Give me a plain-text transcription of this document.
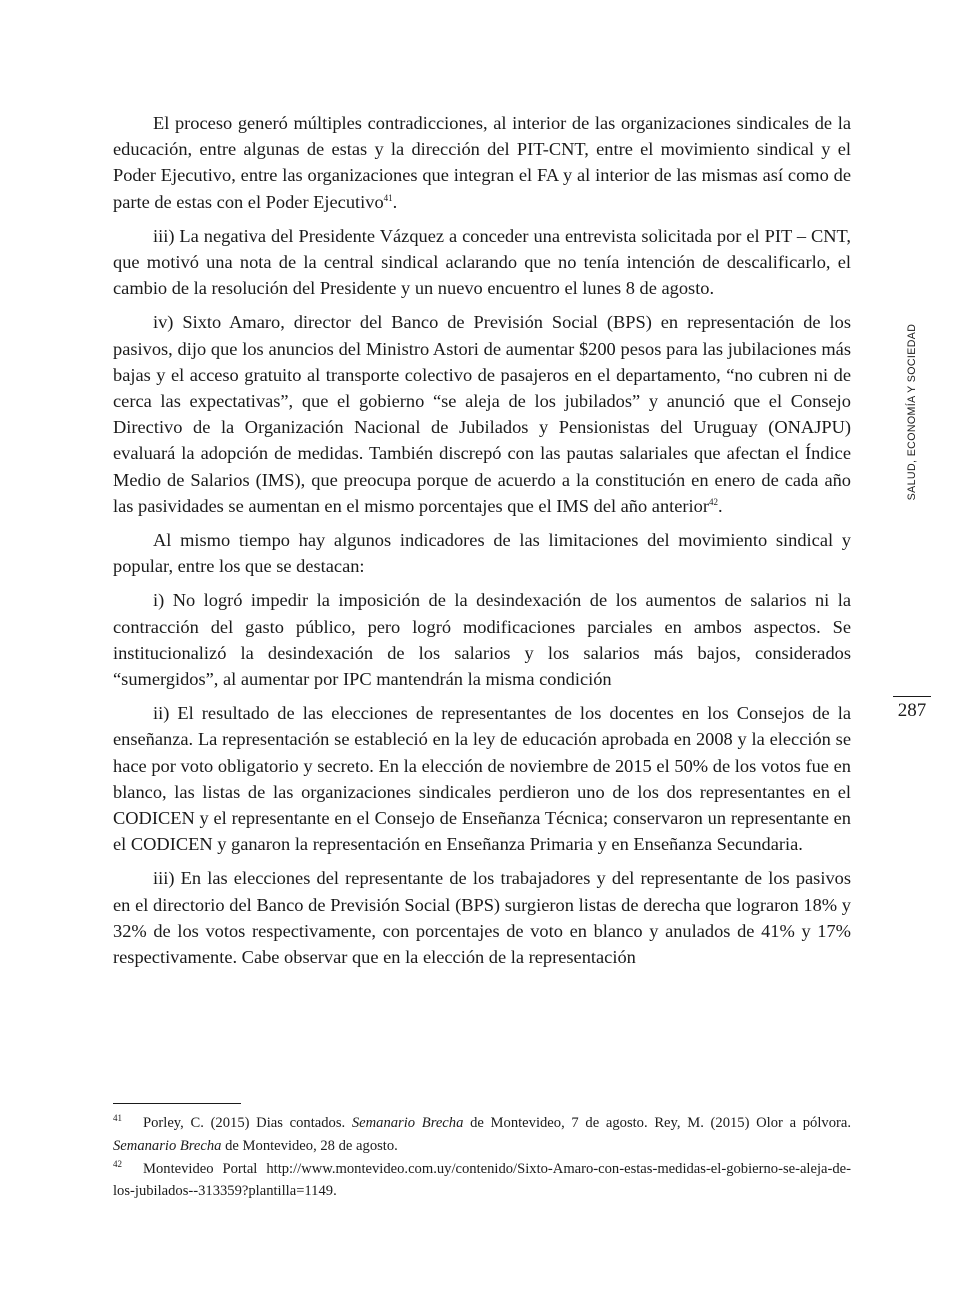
El proceso generó múltiples contradicciones, al interior de las organizaciones sindicales de la educación, entre algunas de estas y la dirección del PIT-CNT, entre el movimiento sindical y el Poder Ejecutivo, entre las organizaciones que integran el FA y al interior de las mismas así como de parte de estas con el Poder Ejecutivo$^{41}$.

iii) La negativa del Presidente Vázquez a conceder una entrevista solicitada por el PIT – CNT, que motivó una nota de la central sindical aclarando que no tenía intención de descalificarlo, el cambio de la resolución del Presidente y un nuevo encuentro el lunes 8 de agosto.

iv) Sixto Amaro, director del Banco de Previsión Social (BPS) en representación de los pasivos, dijo que los anuncios del Ministro Astori de aumentar $200 pesos para las jubilaciones más bajas y el acceso gratuito al transporte colectivo de pasajeros en el departamento, “no cubren ni de cerca las expectativas”, que el gobierno “se aleja de los jubilados” y anunció que el Consejo Directivo de la Organización Nacional de Jubilados y Pensionistas del Uruguay (ONAJPU) evaluará la adopción de medidas. También discrepó con las pautas salariales que afectan el Índice Medio de Salarios (IMS), que preocupa porque de acuerdo a la constitución en enero de cada año las pasividades se aumentan en el mismo porcentajes que el IMS del año anterior$^{42}$.

Al mismo tiempo hay algunos indicadores de las limitaciones del movimiento sindical y popular, entre los que se destacan:

i) No logró impedir la imposición de la desindexación de los aumentos de salarios ni la contracción del gasto público, pero logró modificaciones parciales en ambos aspectos. Se institucionalizó la desindexación de los salarios y los salarios más bajos, considerados “sumergidos”, al aumentar por IPC mantendrán la misma condición

ii) El resultado de las elecciones de representantes de los docentes en los Consejos de la enseñanza. La representación se estableció en la ley de educación aprobada en 2008 y la elección se hace por voto obligatorio y secreto. En la elección de noviembre de 2015 el 50% de los votos fue en blanco, las listas de las organizaciones sindicales perdieron uno de los dos representantes en el CODICEN y el representante en el Consejo de Enseñanza Técnica; conservaron un representante en el CODICEN y ganaron la representación en Enseñanza Primaria y en Enseñanza Secundaria.

iii) En las elecciones del representante de los trabajadores y del representante de los pasivos en el directorio del Banco de Previsión Social (BPS) surgieron listas de derecha que lograron 18% y 32% de los votos respectivamente, con porcentajes de voto en blanco y anulados de 41% y 17% respectivamente. Cabe observar que en la elección de la representación

$^{41}$ Porley, C. (2015) Dias contados. Semanario Brecha de Montevideo, 7 de agosto. Rey, M. (2015) Olor a pólvora. Semanario Brecha de Montevideo, 28 de agosto.

$^{42}$ Montevideo Portal http://www.montevideo.com.uy/contenido/Sixto-Amaro-con-estas-medidas-el-gobierno-se-aleja-de-los-jubilados--313359?plantilla=1149.

SALUD, ECONOMÍA Y SOCIEDAD
287
